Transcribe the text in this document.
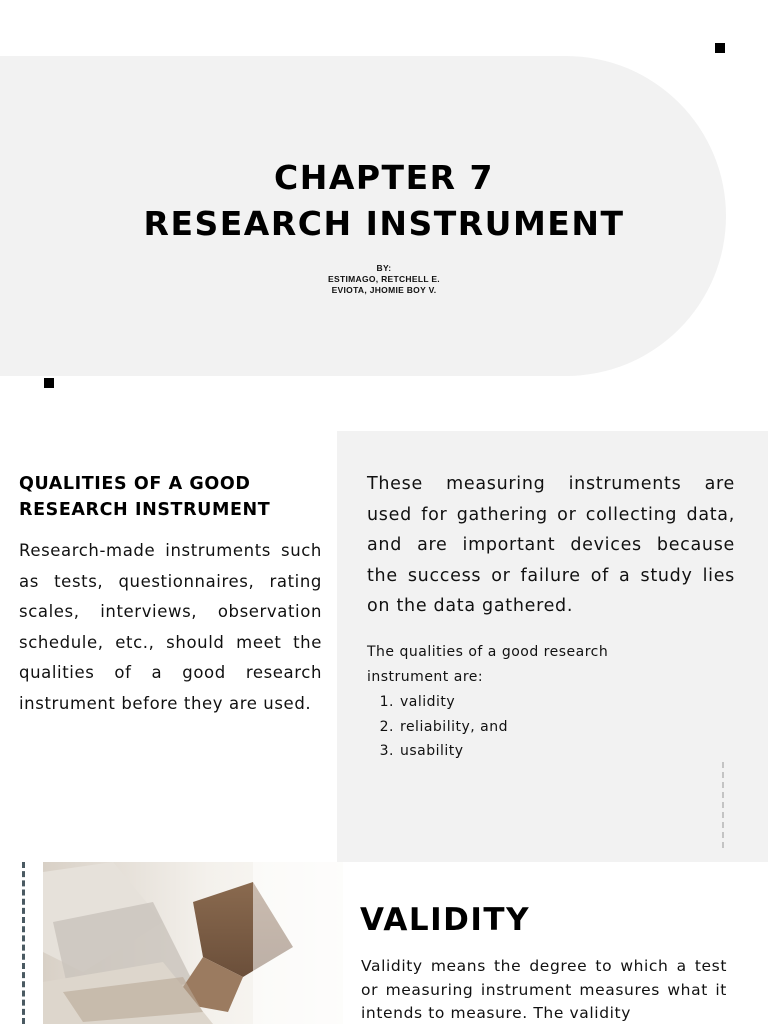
CHAPTER 7
RESEARCH INSTRUMENT
BY:
ESTIMAGO, RETCHELL E.
EVIOTA, JHOMIE BOY V.
QUALITIES OF A GOOD
RESEARCH INSTRUMENT

Research-made instruments such as tests, questionnaires, rating scales, interviews, observation schedule, etc., should meet the qualities of a good research instrument before they are used.

These measuring instruments are used for gathering or collecting data, and are important devices because the success or failure of a study lies on the data gathered.

The qualities of a good research instrument are:

1. validity
2. reliability, and
3. usability
VALIDITY

Validity means the degree to which a test or measuring instrument measures what it intends to measure. The validity
